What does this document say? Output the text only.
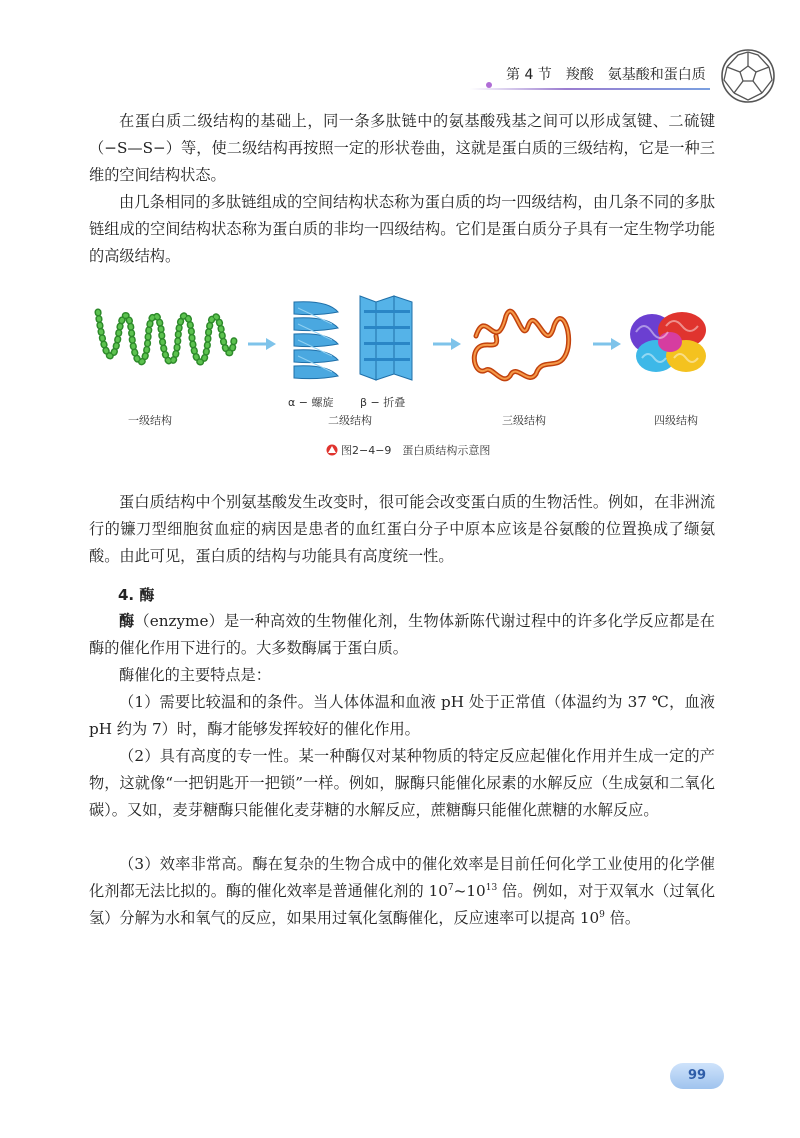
第 4 节　羧酸　氨基酸和蛋白质

在蛋白质二级结构的基础上，同一条多肽链中的氨基酸残基之间可以形成氢键、二硫键（−S—S−）等，使二级结构再按照一定的形状卷曲，这就是蛋白质的三级结构，它是一种三维的空间结构状态。

由几条相同的多肽链组成的空间结构状态称为蛋白质的均一四级结构，由几条不同的多肽链组成的空间结构状态称为蛋白质的非均一四级结构。它们是蛋白质分子具有一定生物学功能的高级结构。

α − 螺旋 β − 折叠
一级结构	二级结构	三级结构	四级结构
图2−4−9　蛋白质结构示意图

蛋白质结构中个别氨基酸发生改变时，很可能会改变蛋白质的生物活性。例如，在非洲流行的镰刀型细胞贫血症的病因是患者的血红蛋白分子中原本应该是谷氨酸的位置换成了缬氨酸。由此可见，蛋白质的结构与功能具有高度统一性。

4. 酶

酶（enzyme）是一种高效的生物催化剂，生物体新陈代谢过程中的许多化学反应都是在酶的催化作用下进行的。大多数酶属于蛋白质。

酶催化的主要特点是：

（1）需要比较温和的条件。当人体体温和血液 pH 处于正常值（体温约为 37 ℃，血液 pH 约为 7）时，酶才能够发挥较好的催化作用。

（2）具有高度的专一性。某一种酶仅对某种物质的特定反应起催化作用并生成一定的产物，这就像“一把钥匙开一把锁”一样。例如，脲酶只能催化尿素的水解反应（生成氨和二氧化碳）。又如，麦芽糖酶只能催化麦芽糖的水解反应，蔗糖酶只能催化蔗糖的水解反应。

（3）效率非常高。酶在复杂的生物合成中的催化效率是目前任何化学工业使用的化学催化剂都无法比拟的。酶的催化效率是普通催化剂的 $10^7\sim 10^{13}$ 倍。例如，对于双氧水（过氧化氢）分解为水和氧气的反应，如果用过氧化氢酶催化，反应速率可以提高 $10^9$ 倍。

99
